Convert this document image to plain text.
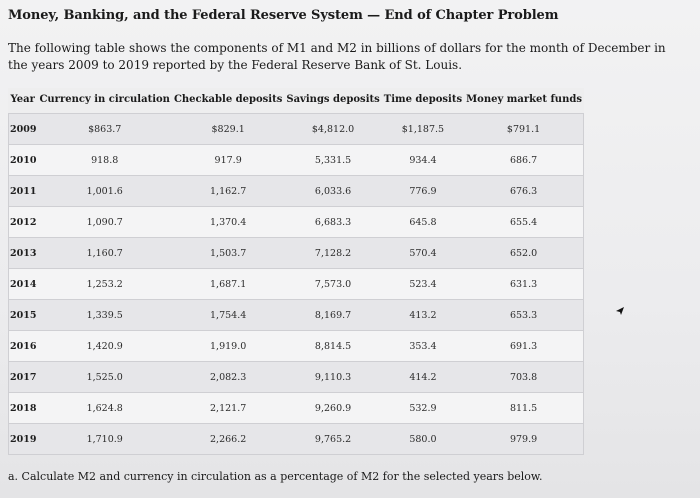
Money, Banking, and the Federal Reserve System — End of Chapter Problem
The following table shows the components of M1 and M2 in billions of dollars for the month of December in the years 2009 to 2019 reported by the Federal Reserve Bank of St. Louis.
Year	Currency in circulation	Checkable deposits	Savings deposits	Time deposits	Money market funds
2009	$863.7	$829.1	$4,812.0	$1,187.5	$791.1
2010	918.8	917.9	5,331.5	934.4	686.7
2011	1,001.6	1,162.7	6,033.6	776.9	676.3
2012	1,090.7	1,370.4	6,683.3	645.8	655.4
2013	1,160.7	1,503.7	7,128.2	570.4	652.0
2014	1,253.2	1,687.1	7,573.0	523.4	631.3
2015	1,339.5	1,754.4	8,169.7	413.2	653.3
2016	1,420.9	1,919.0	8,814.5	353.4	691.3
2017	1,525.0	2,082.3	9,110.3	414.2	703.8
2018	1,624.8	2,121.7	9,260.9	532.9	811.5
2019	1,710.9	2,266.2	9,765.2	580.0	979.9
a. Calculate M2 and currency in circulation as a percentage of M2 for the selected years below.
